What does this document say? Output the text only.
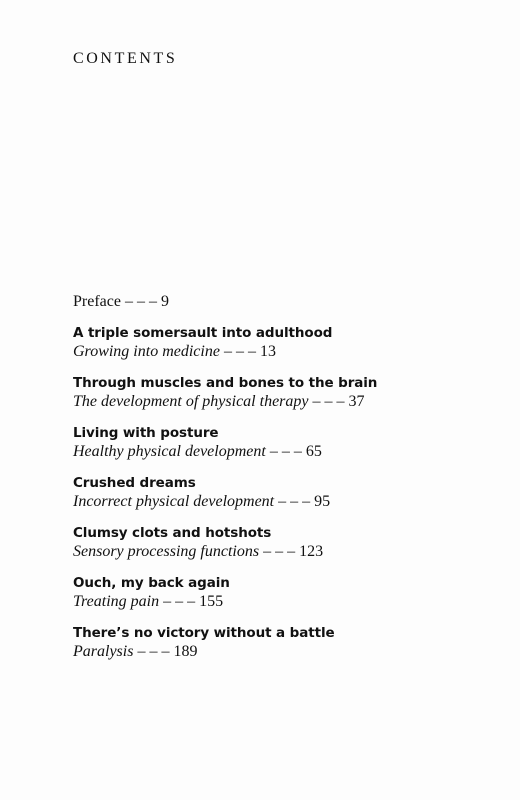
CONTENTS

Preface – – – 9

A triple somersault into adulthood
Growing into medicine – – – 13
Through muscles and bones to the brain
The development of physical therapy – – – 37
Living with posture
Healthy physical development – – – 65
Crushed dreams
Incorrect physical development – – – 95
Clumsy clots and hotshots
Sensory processing functions – – – 123
Ouch, my back again
Treating pain – – – 155
There’s no victory without a battle
Paralysis – – – 189
